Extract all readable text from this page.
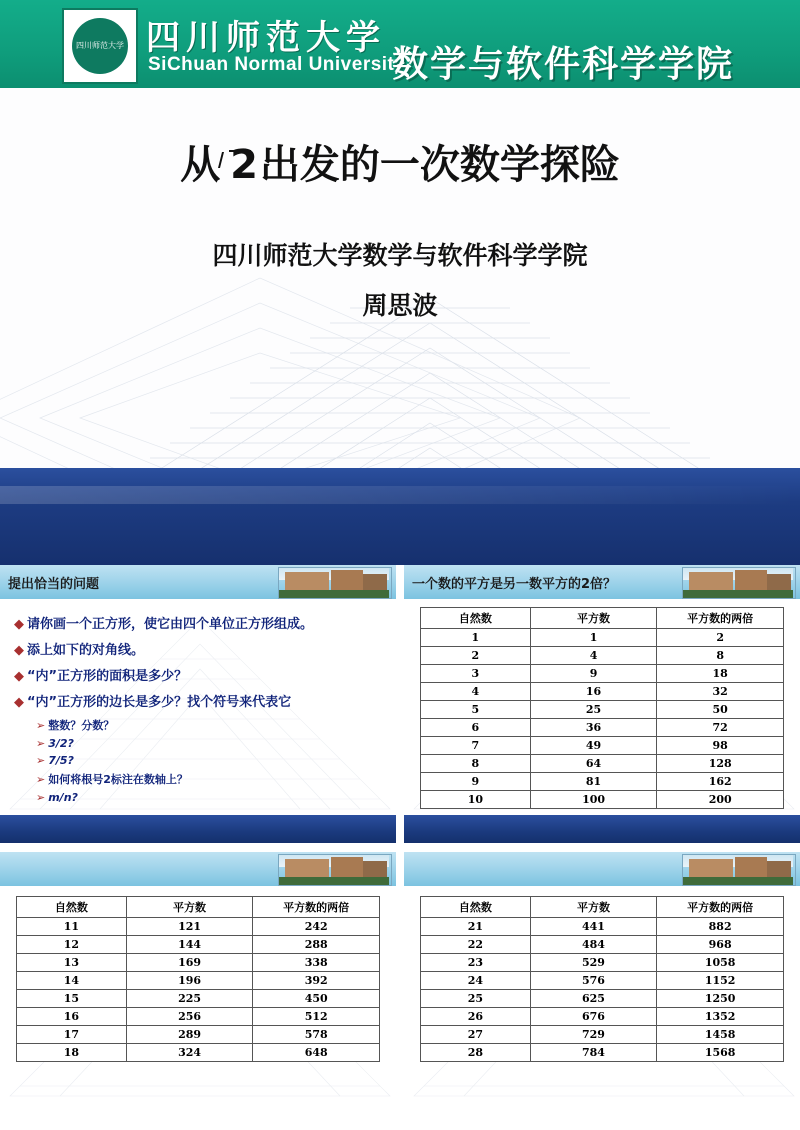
四川师范大学 四川师范大学
SiChuan Normal University
数学与软件科学学院
从 2出发的一次数学探险
四川师范大学数学与软件科学学院
周思波
提出恰当的问题
◆ 请你画一个正方形，使它由四个单位正方形组成。
◆ 添上如下的对角线。
◆ “内”正方形的面积是多少？
◆ “内”正方形的边长是多少？找个符号来代表它
➢ 整数？分数？
➢ 3/2?
➢ 7/5?
➢ 如何将根号2标注在数轴上？
➢ m/n?
一个数的平方是另一数平方的2倍？
自然数	平方数	平方数的两倍
1	1	2
2	4	8
3	9	18
4	16	32
5	25	50
6	36	72
7	49	98
8	64	128
9	81	162
10	100	200
自然数	平方数	平方数的两倍
11	121	242
12	144	288
13	169	338
14	196	392
15	225	450
16	256	512
17	289	578
18	324	648
自然数	平方数	平方数的两倍
21	441	882
22	484	968
23	529	1058
24	576	1152
25	625	1250
26	676	1352
27	729	1458
28	784	1568
